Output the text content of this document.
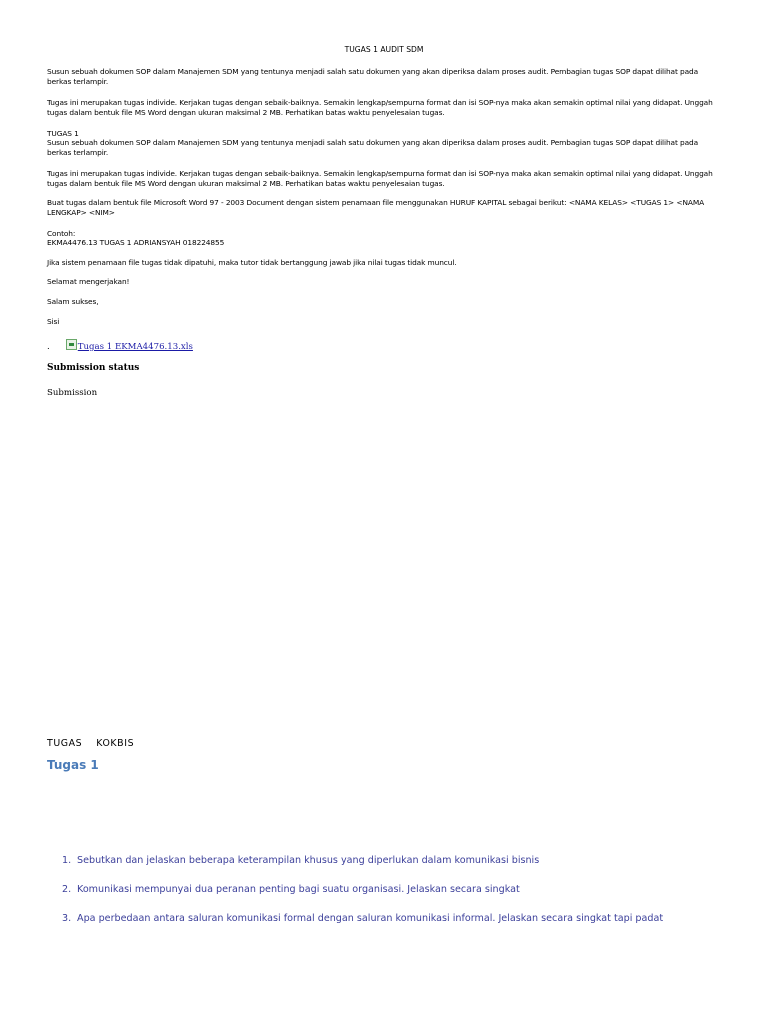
TUGAS 1 AUDIT SDM
Susun sebuah dokumen SOP dalam Manajemen SDM yang tentunya menjadi salah satu dokumen yang akan diperiksa dalam proses audit. Pembagian tugas SOP dapat dilihat pada berkas terlampir.
Tugas ini merupakan tugas individe. Kerjakan tugas dengan sebaik-baiknya. Semakin lengkap/sempurna format dan isi SOP-nya maka akan semakin optimal nilai yang didapat. Unggah tugas dalam bentuk file MS Word dengan ukuran maksimal 2 MB. Perhatikan batas waktu penyelesaian tugas.
TUGAS 1
Susun sebuah dokumen SOP dalam Manajemen SDM yang tentunya menjadi salah satu dokumen yang akan diperiksa dalam proses audit. Pembagian tugas SOP dapat dilihat pada berkas terlampir.
Tugas ini merupakan tugas individe. Kerjakan tugas dengan sebaik-baiknya. Semakin lengkap/sempurna format dan isi SOP-nya maka akan semakin optimal nilai yang didapat. Unggah tugas dalam bentuk file MS Word dengan ukuran maksimal 2 MB. Perhatikan batas waktu penyelesaian tugas.
Buat tugas dalam bentuk file Microsoft Word 97 - 2003 Document dengan sistem penamaan file menggunakan HURUF KAPITAL sebagai berikut: <NAMA KELAS> <TUGAS 1> <NAMA LENGKAP> <NIM>
Contoh:
EKMA4476.13 TUGAS 1 ADRIANSYAH 018224855
Jika sistem penamaan file tugas tidak dipatuhi, maka tutor tidak bertanggung jawab jika nilai tugas tidak muncul.
Selamat mengerjakan!
Salam sukses,
Sisi
.	Tugas 1 EKMA4476.13.xls
Submission status
Submission
TUGAS KOKBIS
Tugas 1
1. Sebutkan dan jelaskan beberapa keterampilan khusus yang diperlukan dalam komunikasi bisnis
2. Komunikasi mempunyai dua peranan penting bagi suatu organisasi. Jelaskan secara singkat
3. Apa perbedaan antara saluran komunikasi formal dengan saluran komunikasi informal. Jelaskan secara singkat tapi padat
